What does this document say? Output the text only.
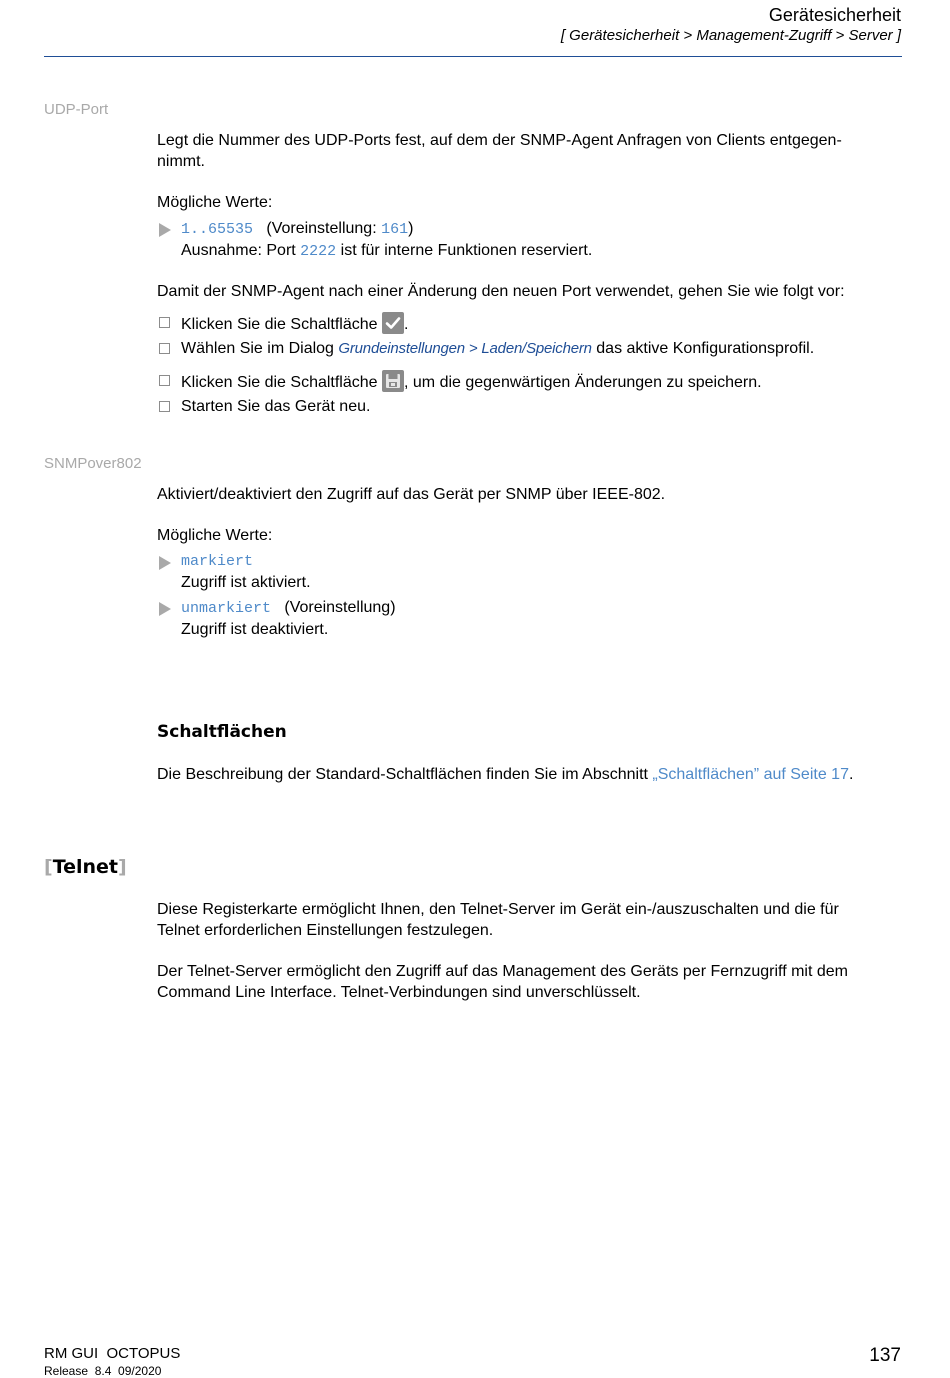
Gerätesicherheit
[ Gerätesicherheit > Management-Zugriff > Server ]
UDP-Port
Legt die Nummer des UDP-Ports fest, auf dem der SNMP-Agent Anfragen von Clients entgegen-
nimmt.
Mögliche Werte:
1..65535 (Voreinstellung: 161)
Ausnahme: Port 2222 ist für interne Funktionen reserviert.
Damit der SNMP-Agent nach einer Änderung den neuen Port verwendet, gehen Sie wie folgt vor:
Klicken Sie die Schaltfläche
.
Wählen Sie im Dialog Grundeinstellungen > Laden/Speichern das aktive Konfigurationsprofil.
Klicken Sie die Schaltfläche
, um die gegenwärtigen Änderungen zu speichern.
Starten Sie das Gerät neu.
SNMPover802
Aktiviert/deaktiviert den Zugriff auf das Gerät per SNMP über IEEE-802.
Mögliche Werte:
markiert
Zugriff ist aktiviert.
unmarkiert (Voreinstellung)
Zugriff ist deaktiviert.
Schaltflächen
Die Beschreibung der Standard-Schaltflächen finden Sie im Abschnitt „Schaltflächen” auf Seite 17.
[Telnet]
Diese Registerkarte ermöglicht Ihnen, den Telnet-Server im Gerät ein-/auszuschalten und die für
Telnet erforderlichen Einstellungen festzulegen.
Der Telnet-Server ermöglicht den Zugriff auf das Management des Geräts per Fernzugriff mit dem
Command Line Interface. Telnet-Verbindungen sind unverschlüsselt.
RM GUI  OCTOPUS
Release  8.4  09/2020
137
